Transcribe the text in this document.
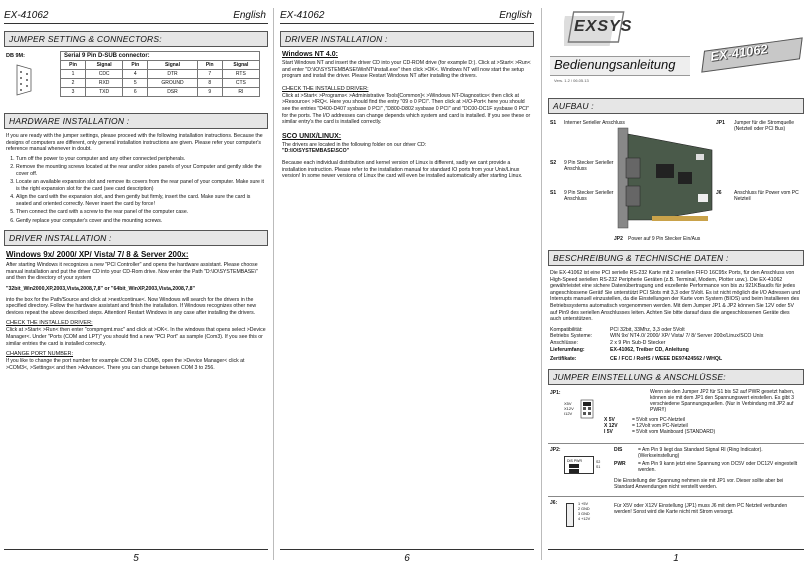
EX-41062	English
JUMPER SETTING & CONNECTORS:
DB 9M:	Serial 9 Pin D-SUB connector:					
Pin	Signal	Pin	Signal	Pin	Signal
1	CDC	4	DTR	7	RTS
2	RXD	5	GROUND	8	CTS
3	TXD	6	DSR	9	RI
HARDWARE INSTALLATION :
If you are ready with the jumper settings, please proceed with the following installation instructions. Because the designs of computers are different, only general installation instructions are given. Please refer your computer's reference manual whenever in doubt.
1. Turn off the power to your computer and any other connected peripherals.
2. Remove the mounting screws located at the rear and/or sides panels of your Computer and gently slide the cover off.
3. Locate an available expansion slot and remove its covers from the rear panel of your computer. Make sure it is the right expansion slot for the card (see card description)
4. Align the card with the expansion slot, and then gently but firmly, insert the card. Make sure the card is seated and oriented correctly. Never insert the card by force!
5. Then connect the card with a screw to the rear panel of the computer case.
6. Gently replace your computer's cover and the mounting screws.
DRIVER INSTALLATION :
Windows 9x/ 2000/ XP/ Vista/ 7/ 8 & Server 200x:
After starting Windows it recognizes a new "PCI Controller" and opens the hardware assistant. Please choose manual installation and put the driver CD into your CD-Rom drive. Now enter the Path "D:\IO\SYSTEMBASE\" and then the directory of your system
"32bit_Win2000,XP,2003,Vista,2008,7,8" or "64bit_WinXP,2003,Vista,2008,7,8"
into the box for the Path/Source and click at >next/continue<. Now Windows will search for the drivers in the specified directory. Follow the hardware assistant and finish the installation. If Windows recognizes other new devices repeat the above described steps. Attention! Restart Windows in any case after installing the drivers.
CHECK THE INSTALLED DRIVER:
Click at >Start< >Run< then enter "compmgmt.msc" and click at >OK<. In the windows that opens select >Device Manager<. Under "Ports (COM and LPT)" you should find a new "PCI Port" as sample (Com3). If you see this or similar entries the card is installed correctly.
CHANGE PORT NUMBER:
If you like to change the port number for example COM 3 to COM5, open the >Device Manager< click at >COM3<, >Settings< and then >Advance<. There you can change between COM 3 to 256.
5
EX-41062	English
DRIVER INSTALLATION :
Windows NT 4.0:
Start Windows NT and insert the driver CD into your CD-ROM drive (for example D:). Click at >Start< >Run< and enter "D:\IO\SYSTEMBASE\WinNT\Install.exe" then click >OK<. Windows NT will now start the setup program and install the driver. Please Restart Windows NT after installing the drivers.
CHECK THE INSTALLED DRIVER:
Click at >Start< >Programs< >Administrative Tools[Common]< >Windows NT-Diagnostics< then click at >Resource< >IRQ<. Here you should find the entry "09 o 0 PCI". Then click at >I/O-Port< here you should see the entries "D400-D407 sysbase 0 PCI" ,"D800-D802 sysbase 0 PCI" and "DC00-DC1F sysbase 0 PCI" for the ports. The I/O addresses can change depends which system and card is installed. If you see these or similar entry's the card is installed correctly.
SCO UNIX/LINUX:
The drivers are located in the following folder on our driver CD:
"D:\IO\SYSTEMBASE\SCO"
Because each individual distribution and kernel version of Linux is different, sadly we cant provide a installation instruction. Please refer to the installation manual for standard IO ports from your Unix/Linux version! In some newer versions of Linux the card will even be installed automatically after starting Linux.
6
EXSYS
Bedienungsanleitung
Vers. 1.2 / 06.05.13
EX-41062
AUFBAU :
S1 Interner Serieller Anschluss	JP1 Jumper für die Stromquelle (Netzteil oder PCI Bus)
S2 9 Pin Stecker Serieller Anschluss
S1 9 Pin Stecker Serieller Anschluss
J6 Anschluss für Power vom PC Netzteil
JP2 Power auf 9 Pin Stecker Ein/Aus
BESCHREIBUNG & TECHNISCHE DATEN :
Die EX-41062 ist eine PCI serielle RS-232 Karte mit 2 seriellen FIFO 16C95x Ports, für den Anschluss von High-Speed seriellen RS-232 Peripherie Geräten (z.B. Terminal, Modem, Plotter usw.). Die EX-41062 gewährleistet eine sichere Datenübertragung und exzellente Performance von bis zu 921KBaud/s für jedes angeschlossene Gerät! Sie unterstützt PCI Slots mit 3,3 oder 5Volt. Es ist nicht möglich die I/O Adressen und Interrupts manuell einzustellen, da die Einstellungen der Karte vom System (BIOS) und beim Installieren des Betriebssystems automatisch vorgenommen werden. Mit dem Jumper JP1 & JP2 können Sie 12V oder 5V auf Pin9 des seriellen Anschlusses leiten. Achten Sie bitte darauf dass die angeschlossenen Geräte dies auch unterstützen.
Kompatibilität:	PCI 32bit, 33Mhz, 3,3 oder 5Volt
Betriebs Systeme:	WIN 9x/ NT4.0/ 2000/ XP/ Vista/ 7/ 8/ Server 200x/Linux/SCO Unix
Anschlüsse:	2 x 9 Pin Sub-D Stecker
Lieferumfang:	EX-41062, Treiber CD, Anleitung
Zertifikate:	CE / FCC / RoHS / WEEE DE97424562 / WHQL
JUMPER EINSTELLUNG & ANSCHLÜSSE:
JP1:
X5V
X12V
I12V
Wenn sie den Jumper JP2 für S1 bis S2 auf PWR gesetzt haben, können sie mit dem JP1 den Spannungswert einstellen. Es gibt 3 verschiedene Spannungsquellen. (Nur in Verbindung mit JP2 auf PWR!!)
X 5V	= 5Volt vom PC-Netzteil
X 12V	= 12Volt vom PC-Netzteil
I 5V	= 5Volt vom Mainboard (STANDARD)
JP2:
DIS PWR	S2
S1
DIS	= Am Pin 9 liegt das Standard Signal RI (Ring Indicator). (Werkseinstellung)
PWR	= Am Pin 9 kann jetzt eine Spannung von DC5V oder DC12V eingestellt werden.
Die Einstellung der Spannung nehmen sie mit JP1 vor. Dieser sollte aber bei Standard Anwendungen nicht verstellt werden.
J6:	1 +5V
2 GND
3 GND
4 +12V
Für X5V oder X12V Einstellung (JP1) muss J6 mit dem PC Netzteil verbunden werden! Sonst wird die Karte nicht mit Strom versorgt.
1
